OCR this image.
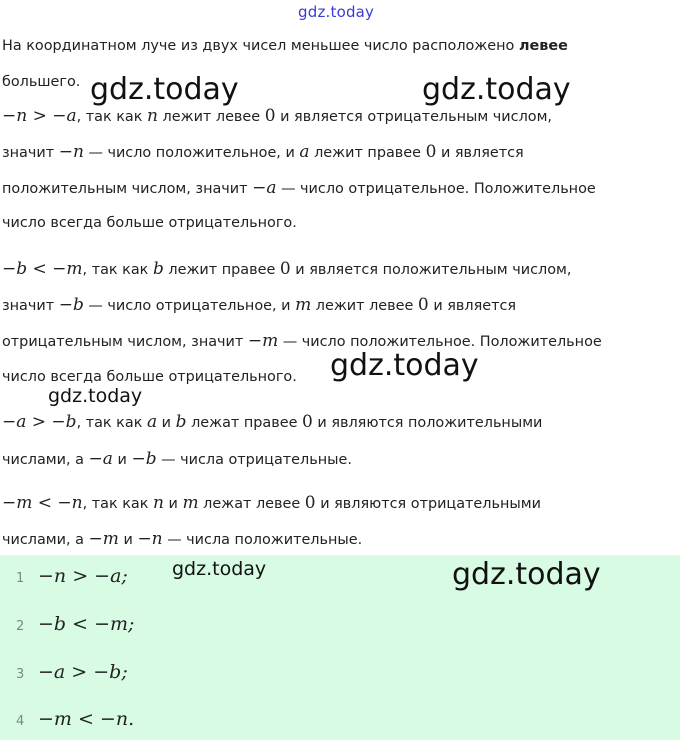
gdz.today
gdz.today	gdz.today
gdz.today
gdz.today
На координатном луче из двух чисел меньшее число расположено левее
большего.
−n > −a, так как n лежит левее 0 и является отрицательным числом,
значит −n — число положительное, и a лежит правее 0 и является
положительным числом, значит −a — число отрицательное. Положительное
число всегда больше отрицательного.
−b < −m, так как b лежит правее 0 и является положительным числом,
значит −b — число отрицательное, и m лежит левее 0 и является
отрицательным числом, значит −m — число положительное. Положительное
число всегда больше отрицательного.
−a > −b, так как a и b лежат правее 0 и являются положительными
числами, а −a и −b — числа отрицательные.
−m < −n, так как n и m лежат левее 0 и являются отрицательными
числами, а −m и −n — числа положительные.
1 −n > −a;
2 −b < −m;
3 −a > −b;
4 −m < −n.
gdz.today	gdz.today
